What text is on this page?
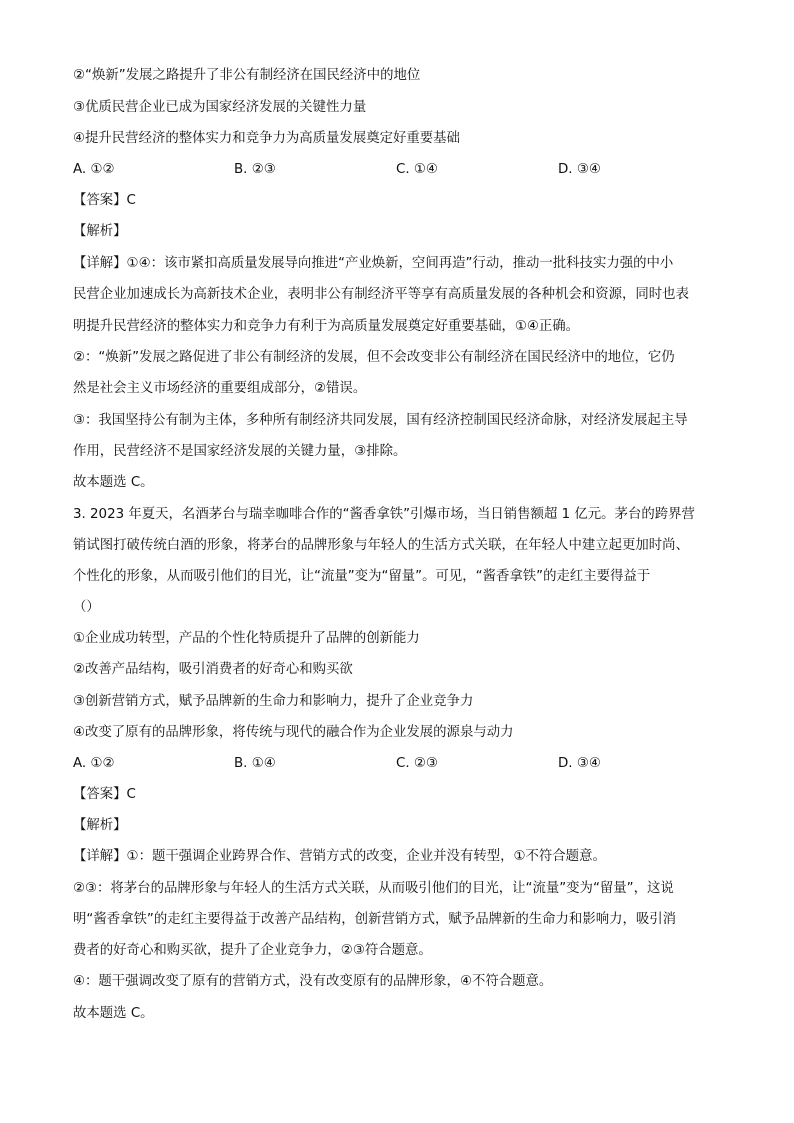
②“焕新”发展之路提升了非公有制经济在国民经济中的地位
③优质民营企业已成为国家经济发展的关键性力量
④提升民营经济的整体实力和竞争力为高质量发展奠定好重要基础
A. ①②	B. ②③	C. ①④	D. ③④
【答案】C
【解析】
【详解】①④：该市紧扣高质量发展导向推进“产业焕新，空间再造”行动，推动一批科技实力强的中小
民营企业加速成长为高新技术企业，表明非公有制经济平等享有高质量发展的各种机会和资源，同时也表
明提升民营经济的整体实力和竞争力有利于为高质量发展奠定好重要基础，①④正确。
②：“焕新”发展之路促进了非公有制经济的发展，但不会改变非公有制经济在国民经济中的地位，它仍
然是社会主义市场经济的重要组成部分，②错误。
③：我国坚持公有制为主体，多种所有制经济共同发展，国有经济控制国民经济命脉，对经济发展起主导
作用，民营经济不是国家经济发展的关键力量，③排除。
故本题选 C。
3. 2023 年夏天，名酒茅台与瑞幸咖啡合作的“酱香拿铁”引爆市场，当日销售额超 1 亿元。茅台的跨界营
销试图打破传统白酒的形象，将茅台的品牌形象与年轻人的生活方式关联，在年轻人中建立起更加时尚、
个性化的形象，从而吸引他们的目光，让“流量”变为“留量”。可见，“酱香拿铁”的走红主要得益于
（）
①企业成功转型，产品的个性化特质提升了品牌的创新能力
②改善产品结构，吸引消费者的好奇心和购买欲
③创新营销方式，赋予品牌新的生命力和影响力，提升了企业竞争力
④改变了原有的品牌形象，将传统与现代的融合作为企业发展的源泉与动力
A. ①②	B. ①④	C. ②③	D. ③④
【答案】C
【解析】
【详解】①：题干强调企业跨界合作、营销方式的改变，企业并没有转型，①不符合题意。
②③：将茅台的品牌形象与年轻人的生活方式关联，从而吸引他们的目光，让“流量”变为“留量”，这说
明“酱香拿铁”的走红主要得益于改善产品结构，创新营销方式，赋予品牌新的生命力和影响力，吸引消
费者的好奇心和购买欲，提升了企业竞争力，②③符合题意。
④：题干强调改变了原有的营销方式，没有改变原有的品牌形象，④不符合题意。
故本题选 C。
